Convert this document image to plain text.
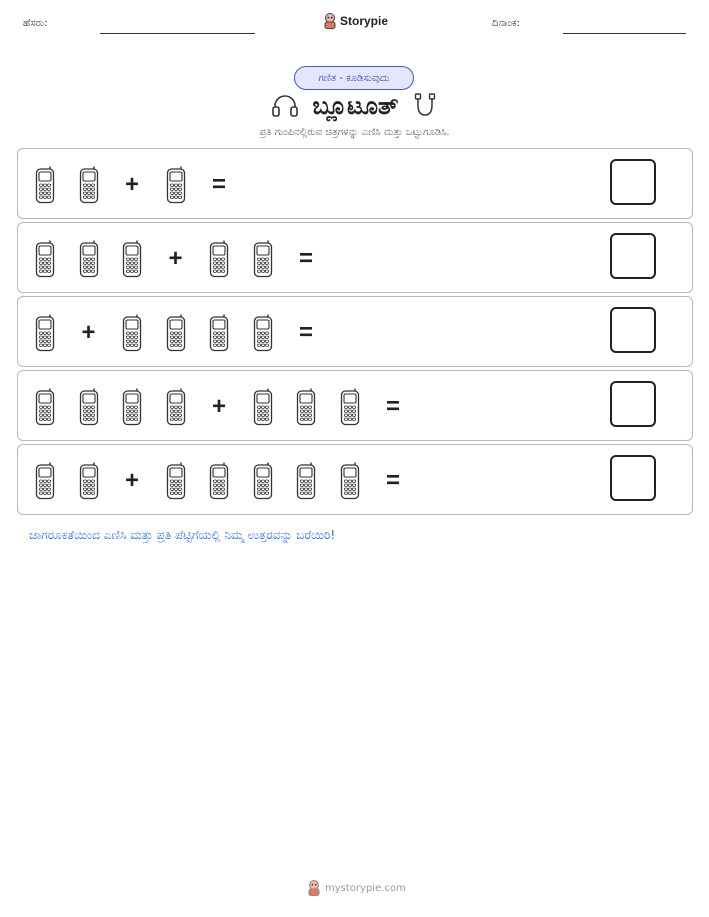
ಹೆಸರು:	Storypie	ದಿನಾಂಕ:
ಗಣಿತ - ಕೂಡಿಸುವುದು
ಬ್ಲೂಟೂತ್
ಪ್ರತಿ ಗುಂಪಿನಲ್ಲಿರುವ ಚಿತ್ರಗಳನ್ನು ಎಣಿಸಿ ಮತ್ತು ಒಟ್ಟುಗೂಡಿಸಿ.
+	=
+	=
+	=
+	=
+	=
ಜಾಗರೂಕತೆಯಿಂದ ಎಣಿಸಿ ಮತ್ತು ಪ್ರತಿ ಪೆಟ್ಟಿಗೆಯಲ್ಲಿ ನಿಮ್ಮ ಉತ್ತರವನ್ನು ಬರೆಯಿರಿ!
mystorypie.com
